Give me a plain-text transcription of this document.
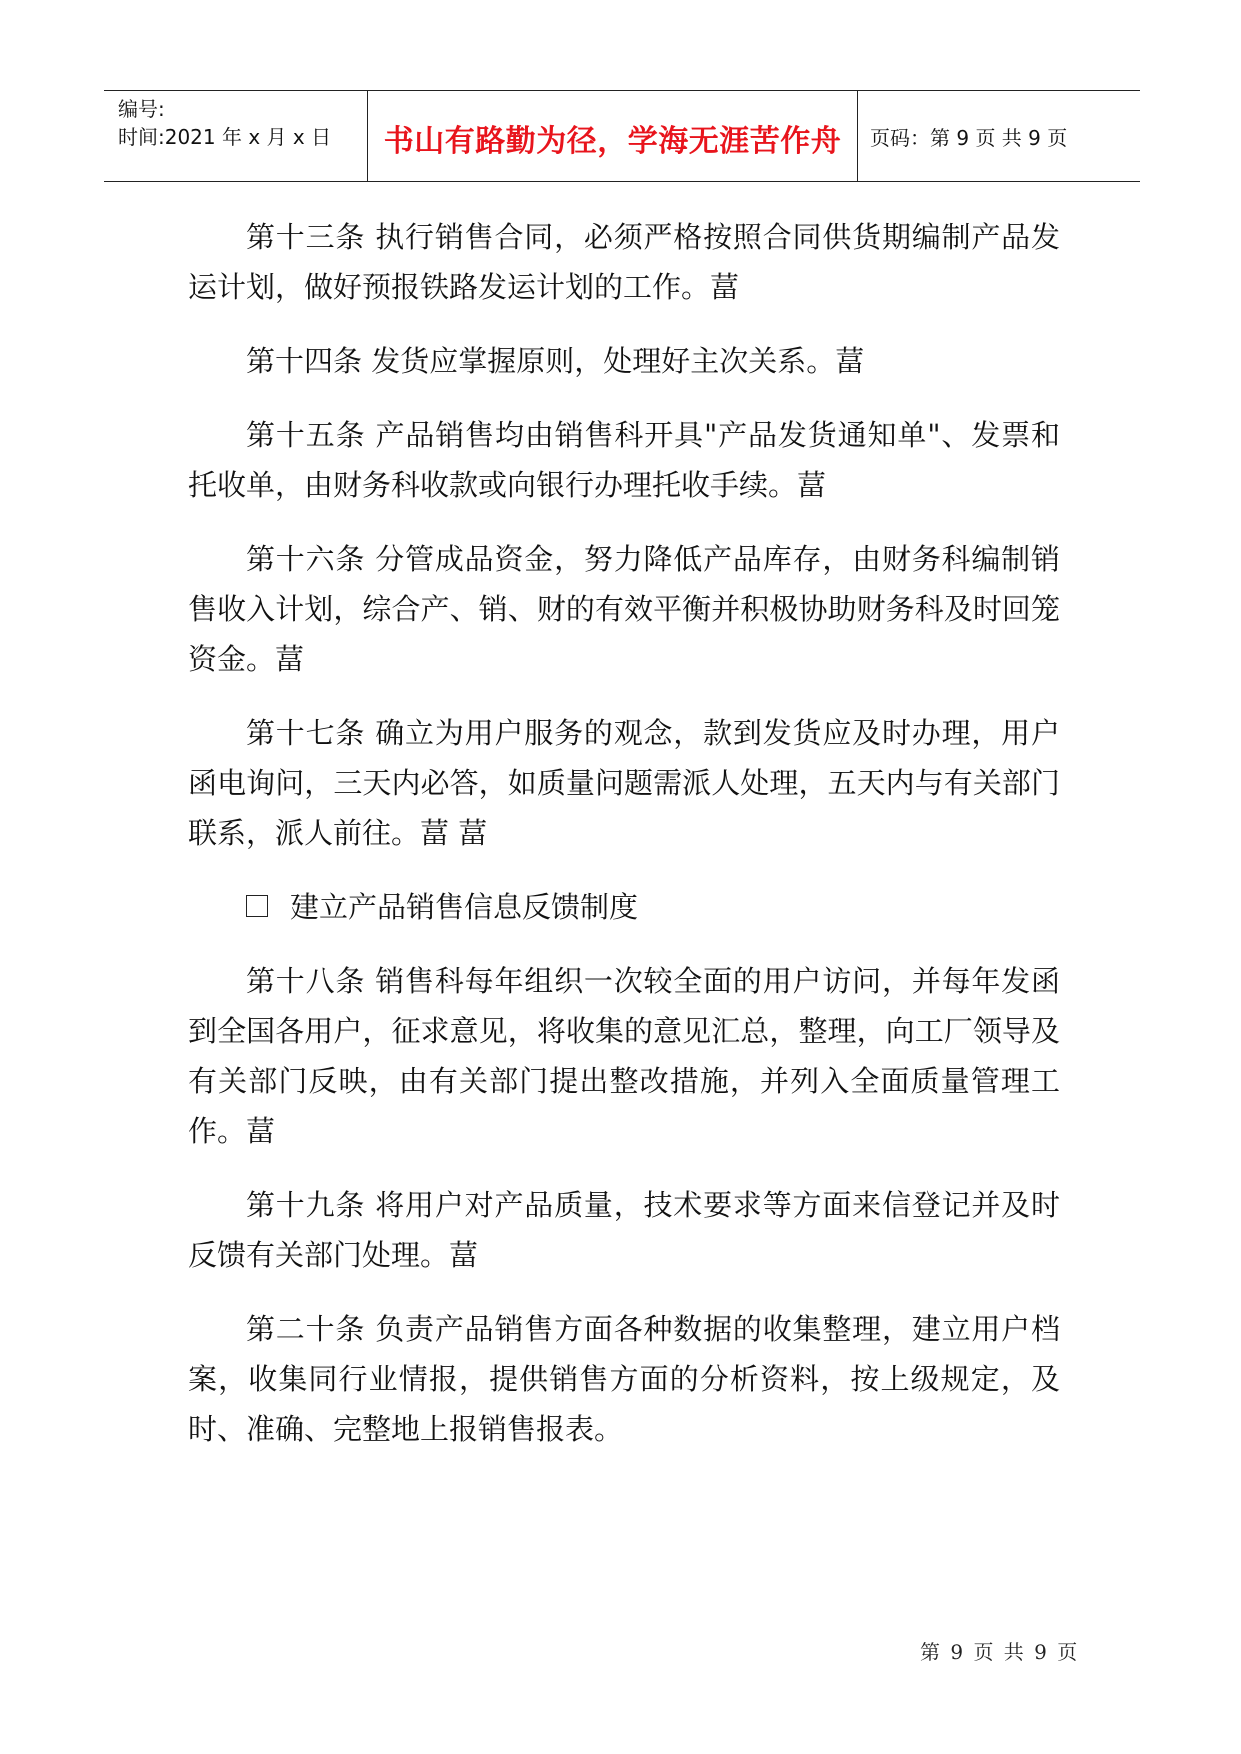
编号:
时间:2021 年 x 月 x 日 书山有路勤为径，学海无涯苦作舟 页码：第 9 页 共 9 页

第十三条 执行销售合同，必须严格按照合同供货期编制产品发运计划，做好预报铁路发运计划的工作。葍

第十四条 发货应掌握原则，处理好主次关系。葍

第十五条 产品销售均由销售科开具"产品发货通知单"、发票和托收单，由财务科收款或向银行办理托收手续。葍

第十六条 分管成品资金，努力降低产品库存，由财务科编制销售收入计划，综合产、销、财的有效平衡并积极协助财务科及时回笼资金。葍

第十七条 确立为用户服务的观念，款到发货应及时办理，用户函电询问，三天内必答，如质量问题需派人处理，五天内与有关部门联系，派人前往。葍 葍

建立产品销售信息反馈制度

第十八条 销售科每年组织一次较全面的用户访问，并每年发函到全国各用户，征求意见，将收集的意见汇总，整理，向工厂领导及有关部门反映，由有关部门提出整改措施，并列入全面质量管理工作。葍

第十九条 将用户对产品质量，技术要求等方面来信登记并及时反馈有关部门处理。葍

第二十条 负责产品销售方面各种数据的收集整理，建立用户档案，收集同行业情报，提供销售方面的分析资料，按上级规定，及时、准确、完整地上报销售报表。

第 9 页 共 9 页
